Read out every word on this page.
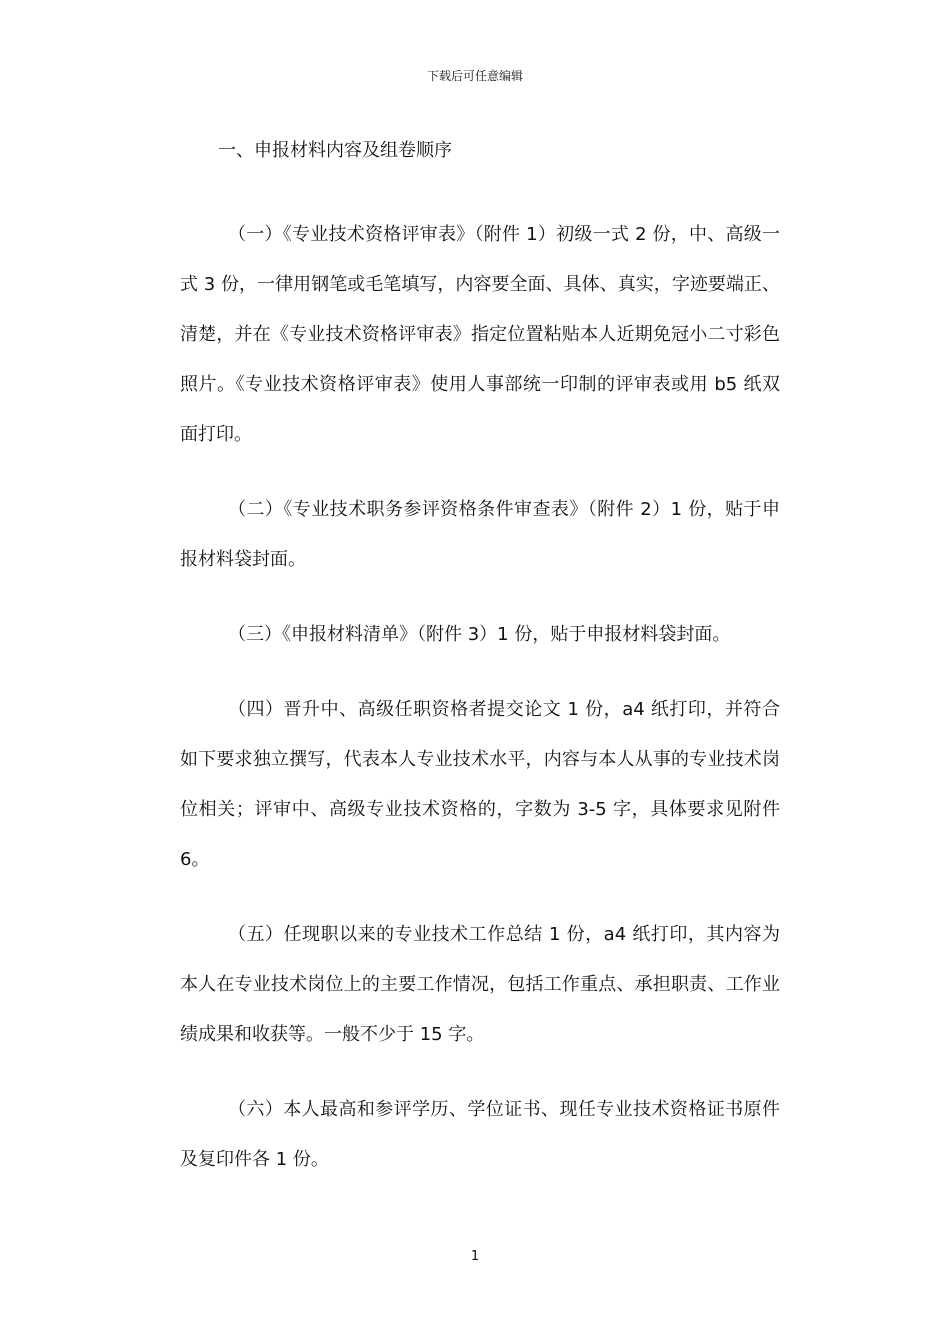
下载后可任意编辑
一、申报材料内容及组卷顺序

（一）《专业技术资格评审表》（附件 1）初级一式 2 份，中、高级一式 3 份，一律用钢笔或毛笔填写，内容要全面、具体、真实，字迹要端正、清楚，并在《专业技术资格评审表》指定位置粘贴本人近期免冠小二寸彩色照片。《专业技术资格评审表》使用人事部统一印制的评审表或用 b5 纸双面打印。

（二）《专业技术职务参评资格条件审查表》（附件 2）1 份，贴于申报材料袋封面。

（三）《申报材料清单》（附件 3）1 份，贴于申报材料袋封面。

（四）晋升中、高级任职资格者提交论文 1 份，a4 纸打印，并符合如下要求独立撰写，代表本人专业技术水平，内容与本人从事的专业技术岗位相关；评审中、高级专业技术资格的，字数为 3-5 字，具体要求见附件 6。

（五）任现职以来的专业技术工作总结 1 份，a4 纸打印，其内容为本人在专业技术岗位上的主要工作情况，包括工作重点、承担职责、工作业绩成果和收获等。一般不少于 15 字。

（六）本人最高和参评学历、学位证书、现任专业技术资格证书原件及复印件各 1 份。

1
